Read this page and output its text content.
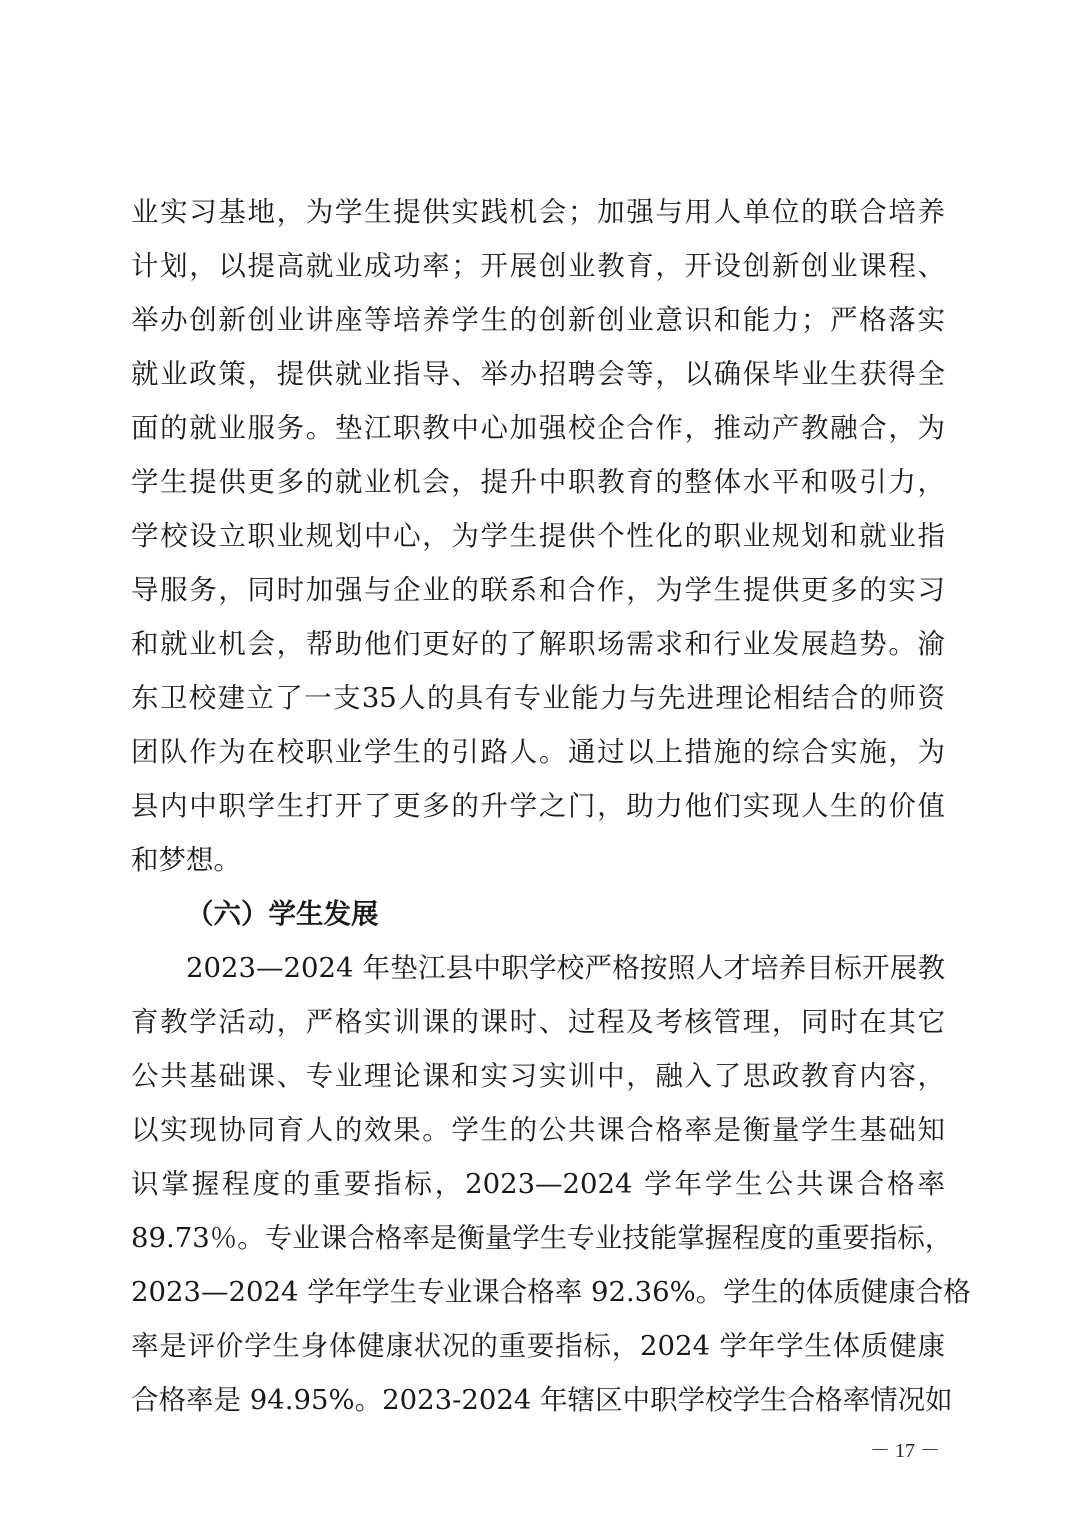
业实习基地，为学生提供实践机会；加强与用人单位的联合培养
计划，以提高就业成功率；开展创业教育，开设创新创业课程、
举办创新创业讲座等培养学生的创新创业意识和能力；严格落实
就业政策，提供就业指导、举办招聘会等，以确保毕业生获得全
面的就业服务。垫江职教中心加强校企合作，推动产教融合，为
学生提供更多的就业机会，提升中职教育的整体水平和吸引力，
学校设立职业规划中心，为学生提供个性化的职业规划和就业指
导服务，同时加强与企业的联系和合作，为学生提供更多的实习
和就业机会，帮助他们更好的了解职场需求和行业发展趋势。渝
东卫校建立了一支35人的具有专业能力与先进理论相结合的师资
团队作为在校职业学生的引路人。通过以上措施的综合实施，为
县内中职学生打开了更多的升学之门，助力他们实现人生的价值
和梦想。
（六）学生发展
2023—2024 年垫江县中职学校严格按照人才培养目标开展教
育教学活动，严格实训课的课时、过程及考核管理，同时在其它
公共基础课、专业理论课和实习实训中，融入了思政教育内容，
以实现协同育人的效果。学生的公共课合格率是衡量学生基础知
识掌握程度的重要指标，2023—2024 学年学生公共课合格率
89.73％。专业课合格率是衡量学生专业技能掌握程度的重要指标，
2023—2024 学年学生专业课合格率 92.36%。学生的体质健康合格
率是评价学生身体健康状况的重要指标，2024 学年学生体质健康
合格率是 94.95%。2023-2024 年辖区中职学校学生合格率情况如
－ 17 －
